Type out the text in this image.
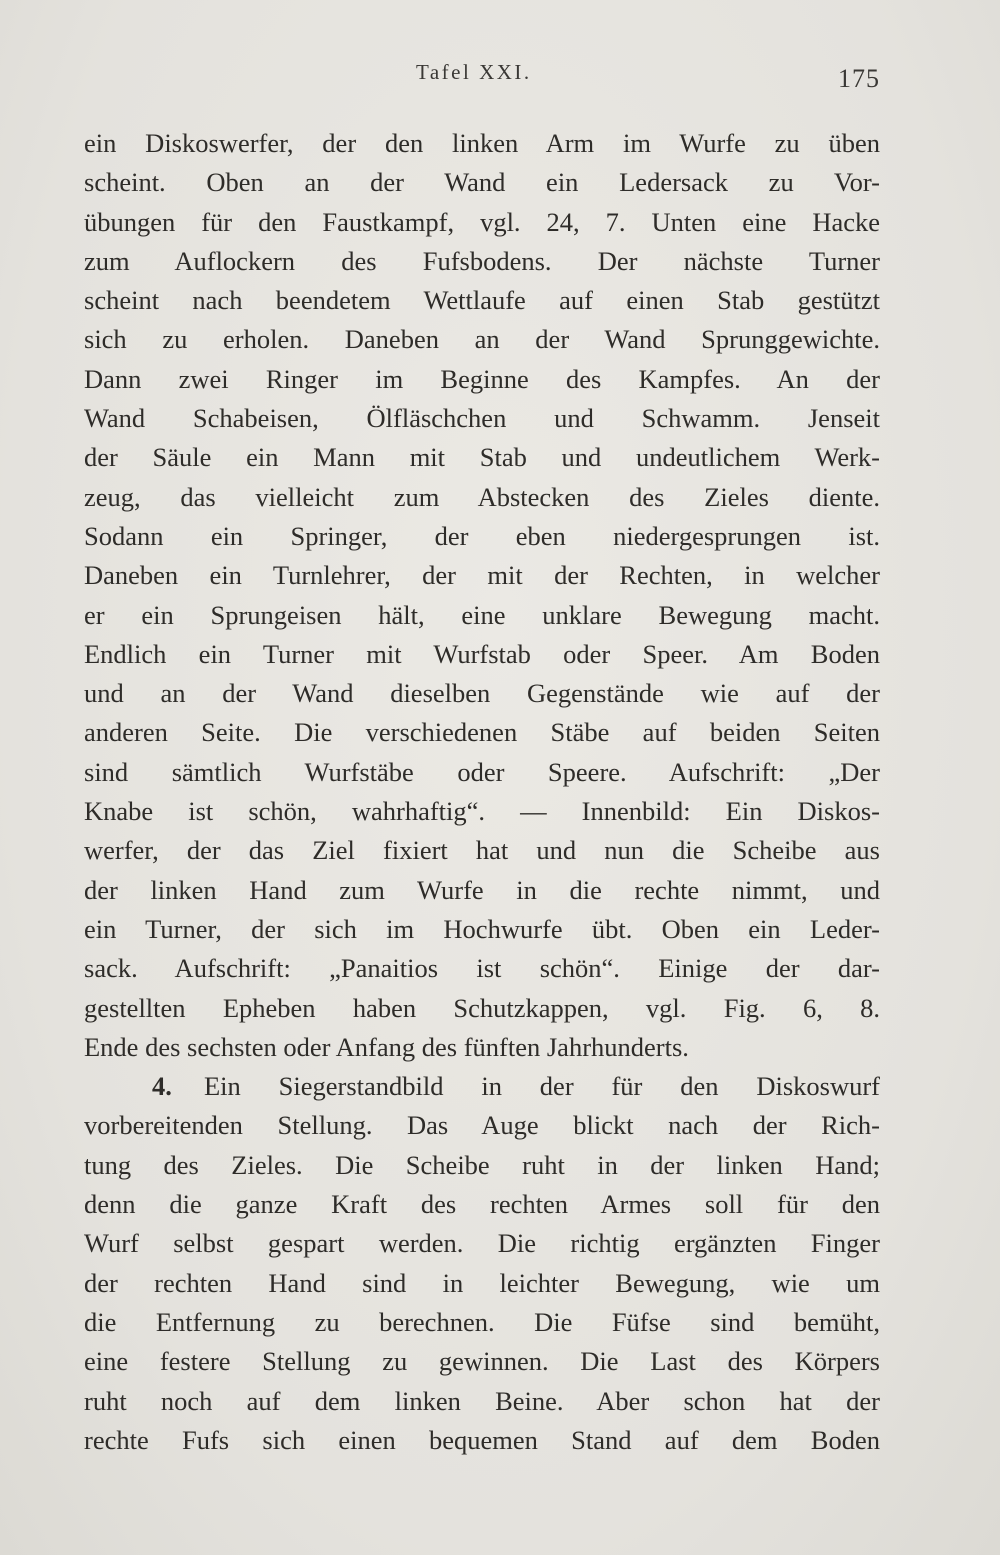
Tafel XXI.	175
ein Diskoswerfer, der den linken Arm im Wurfe zu üben
scheint. Oben an der Wand ein Ledersack zu Vor-
übungen für den Faustkampf, vgl. 24, 7. Unten eine Hacke
zum Auflockern des Fufsbodens. Der nächste Turner
scheint nach beendetem Wettlaufe auf einen Stab gestützt
sich zu erholen. Daneben an der Wand Sprunggewichte.
Dann zwei Ringer im Beginne des Kampfes. An der
Wand Schabeisen, Ölfläschchen und Schwamm. Jenseit
der Säule ein Mann mit Stab und undeutlichem Werk-
zeug, das vielleicht zum Abstecken des Zieles diente.
Sodann ein Springer, der eben niedergesprungen ist.
Daneben ein Turnlehrer, der mit der Rechten, in welcher
er ein Sprungeisen hält, eine unklare Bewegung macht.
Endlich ein Turner mit Wurfstab oder Speer. Am Boden
und an der Wand dieselben Gegenstände wie auf der
anderen Seite. Die verschiedenen Stäbe auf beiden Seiten
sind sämtlich Wurfstäbe oder Speere. Aufschrift: „Der
Knabe ist schön, wahrhaftig“. — Innenbild: Ein Diskos-
werfer, der das Ziel fixiert hat und nun die Scheibe aus
der linken Hand zum Wurfe in die rechte nimmt, und
ein Turner, der sich im Hochwurfe übt. Oben ein Leder-
sack. Aufschrift: „Panaitios ist schön“. Einige der dar-
gestellten Epheben haben Schutzkappen, vgl. Fig. 6, 8.
Ende des sechsten oder Anfang des fünften Jahrhunderts.
4.	Ein Siegerstandbild in der für den Diskoswurf
vorbereitenden Stellung. Das Auge blickt nach der Rich-
tung des Zieles. Die Scheibe ruht in der linken Hand;
denn die ganze Kraft des rechten Armes soll für den
Wurf selbst gespart werden. Die richtig ergänzten Finger
der rechten Hand sind in leichter Bewegung, wie um
die Entfernung zu berechnen. Die Füfse sind bemüht,
eine festere Stellung zu gewinnen. Die Last des Körpers
ruht noch auf dem linken Beine. Aber schon hat der
rechte Fufs sich einen bequemen Stand auf dem Boden
